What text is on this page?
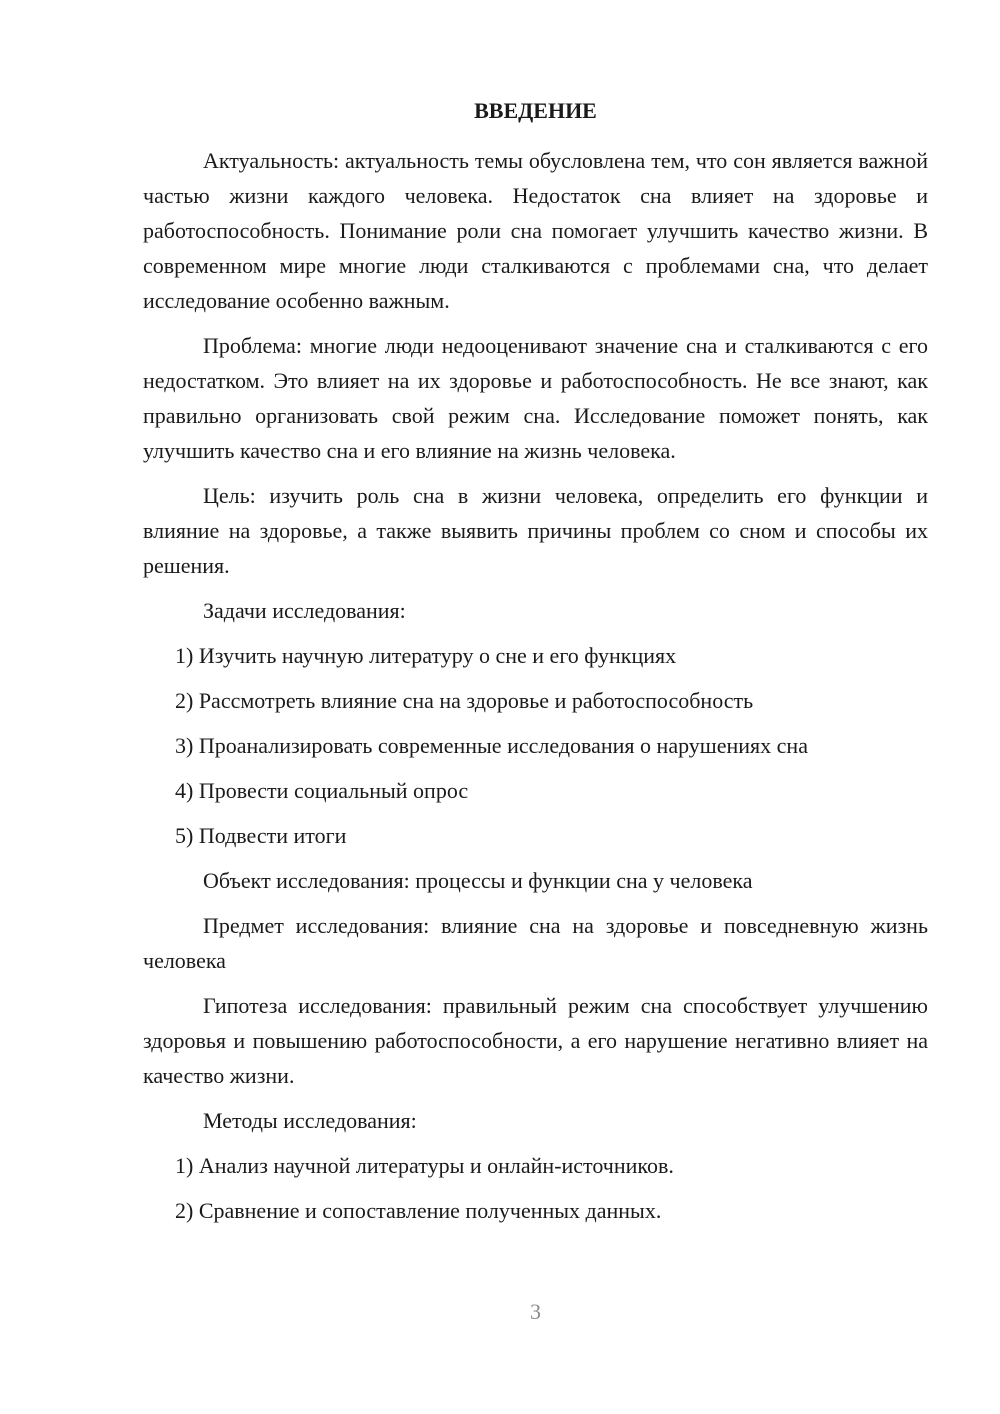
ВВЕДЕНИЕ

Актуальность: актуальность темы обусловлена тем, что сон является важной частью жизни каждого человека. Недостаток сна влияет на здоровье и работоспособность. Понимание роли сна помогает улучшить качество жизни. В современном мире многие люди сталкиваются с проблемами сна, что делает исследование особенно важным.

Проблема: многие люди недооценивают значение сна и сталкиваются с его недостатком. Это влияет на их здоровье и работоспособность. Не все знают, как правильно организовать свой режим сна. Исследование поможет понять, как улучшить качество сна и его влияние на жизнь человека.

Цель: изучить роль сна в жизни человека, определить его функции и влияние на здоровье, а также выявить причины проблем со сном и способы их решения.

Задачи исследования:

1) Изучить научную литературу о сне и его функциях

2) Рассмотреть влияние сна на здоровье и работоспособность

3) Проанализировать современные исследования о нарушениях сна

4) Провести социальный опрос

5) Подвести итоги

Объект исследования: процессы и функции сна у человека

Предмет исследования: влияние сна на здоровье и повседневную жизнь человека

Гипотеза исследования: правильный режим сна способствует улучшению здоровья и повышению работоспособности, а его нарушение негативно влияет на качество жизни.

Методы исследования:

1) Анализ научной литературы и онлайн-источников.

2) Сравнение и сопоставление полученных данных.

3
